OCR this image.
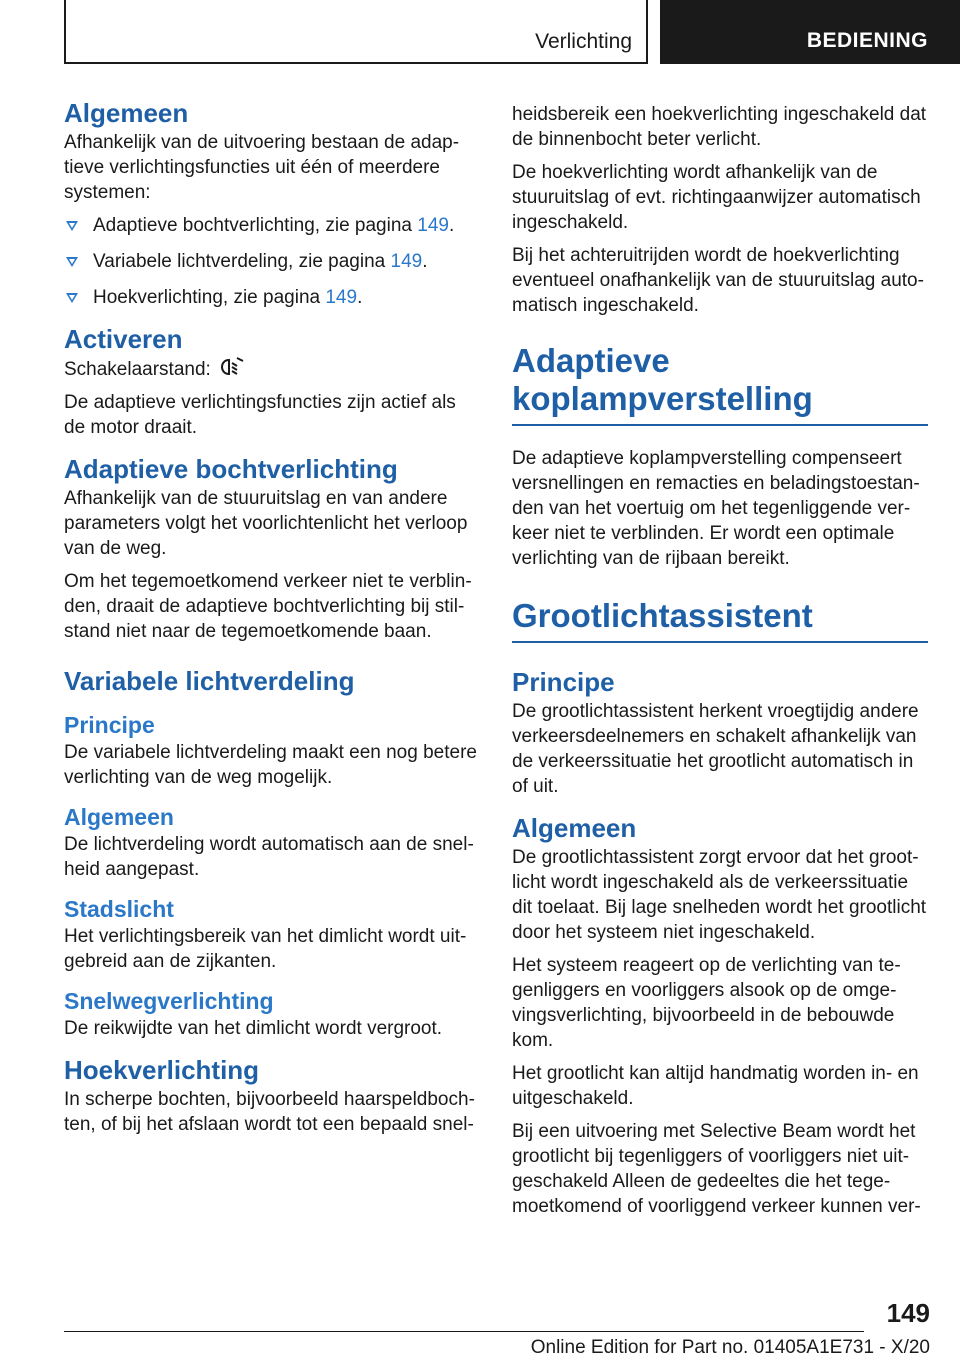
Verlichting	BEDIENING
Algemeen

Afhankelijk van de uitvoering bestaan de adaptieve verlichtingsfuncties uit één of meerdere systemen:

Adaptieve bochtverlichting, zie pagina 149.
Variabele lichtverdeling, zie pagina 149.
Hoekverlichting, zie pagina 149.
Activeren

Schakelaarstand:

De adaptieve verlichtingsfuncties zijn actief als de motor draait.

Adaptieve bochtverlichting

Afhankelijk van de stuuruitslag en van andere parameters volgt het voorlichtenlicht het verloop van de weg.

Om het tegemoetkomend verkeer niet te verblinden, draait de adaptieve bochtverlichting bij stilstand niet naar de tegemoetkomende baan.

Variabele lichtverdeling
Principe

De variabele lichtverdeling maakt een nog betere verlichting van de weg mogelijk.

Algemeen

De lichtverdeling wordt automatisch aan de snelheid aangepast.

Stadslicht

Het verlichtingsbereik van het dimlicht wordt uitgebreid aan de zijkanten.

Snelwegverlichting

De reikwijdte van het dimlicht wordt vergroot.

Hoekverlichting

In scherpe bochten, bijvoorbeeld haarspeldbochten, of bij het afslaan wordt tot een bepaald snel-

heidsbereik een hoekverlichting ingeschakeld dat de binnenbocht beter verlicht.

De hoekverlichting wordt afhankelijk van de stuuruitslag of evt. richtingaanwijzer automatisch ingeschakeld.

Bij het achteruitrijden wordt de hoekverlichting eventueel onafhankelijk van de stuuruitslag automatisch ingeschakeld.

Adaptieve koplampverstelling

De adaptieve koplampverstelling compenseert versnellingen en remacties en beladingstoestanden van het voertuig om het tegenliggende verkeer niet te verblinden. Er wordt een optimale verlichting van de rijbaan bereikt.

Grootlichtassistent
Principe

De grootlichtassistent herkent vroegtijdig andere verkeersdeelnemers en schakelt afhankelijk van de verkeerssituatie het grootlicht automatisch in of uit.

Algemeen

De grootlichtassistent zorgt ervoor dat het grootlicht wordt ingeschakeld als de verkeerssituatie dit toelaat. Bij lage snelheden wordt het grootlicht door het systeem niet ingeschakeld.

Het systeem reageert op de verlichting van tegenliggers en voorliggers alsook op de omgevingsverlichting, bijvoorbeeld in de bebouwde kom.

Het grootlicht kan altijd handmatig worden in- en uitgeschakeld.

Bij een uitvoering met Selective Beam wordt het grootlicht bij tegenliggers of voorliggers niet uitgeschakeld Alleen de gedeeltes die het tegemoetkomend of voorliggend verkeer kunnen ver-

149
Online Edition for Part no. 01405A1E731 - X/20
